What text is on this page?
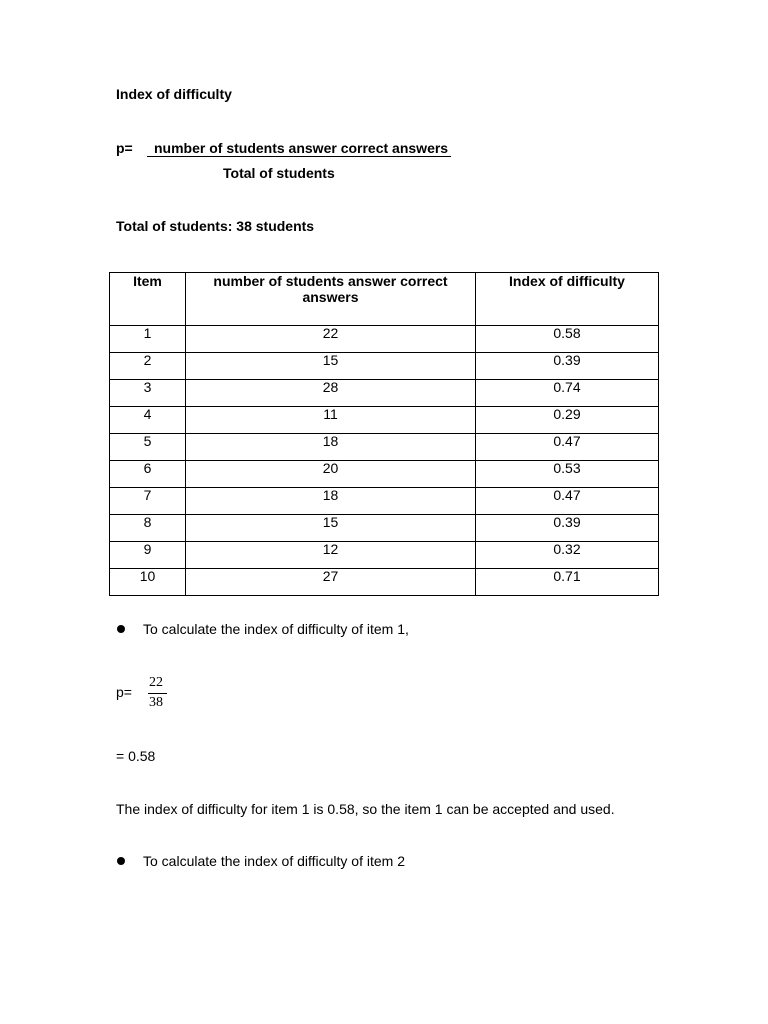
Index of difficulty
p=	number of students answer correct answers
Total of students
Total of students: 38 students
Item	number of students answer correct answers	Index of difficulty
1	22	0.58
2	15	0.39
3	28	0.74
4	11	0.29
5	18	0.47
6	20	0.53
7	18	0.47
8	15	0.39
9	12	0.32
10	27	0.71
To calculate the index of difficulty of item 1,
p=
22
38
= 0.58
The index of difficulty for item 1 is 0.58, so the item 1 can be accepted and used.
To calculate the index of difficulty of item 2
